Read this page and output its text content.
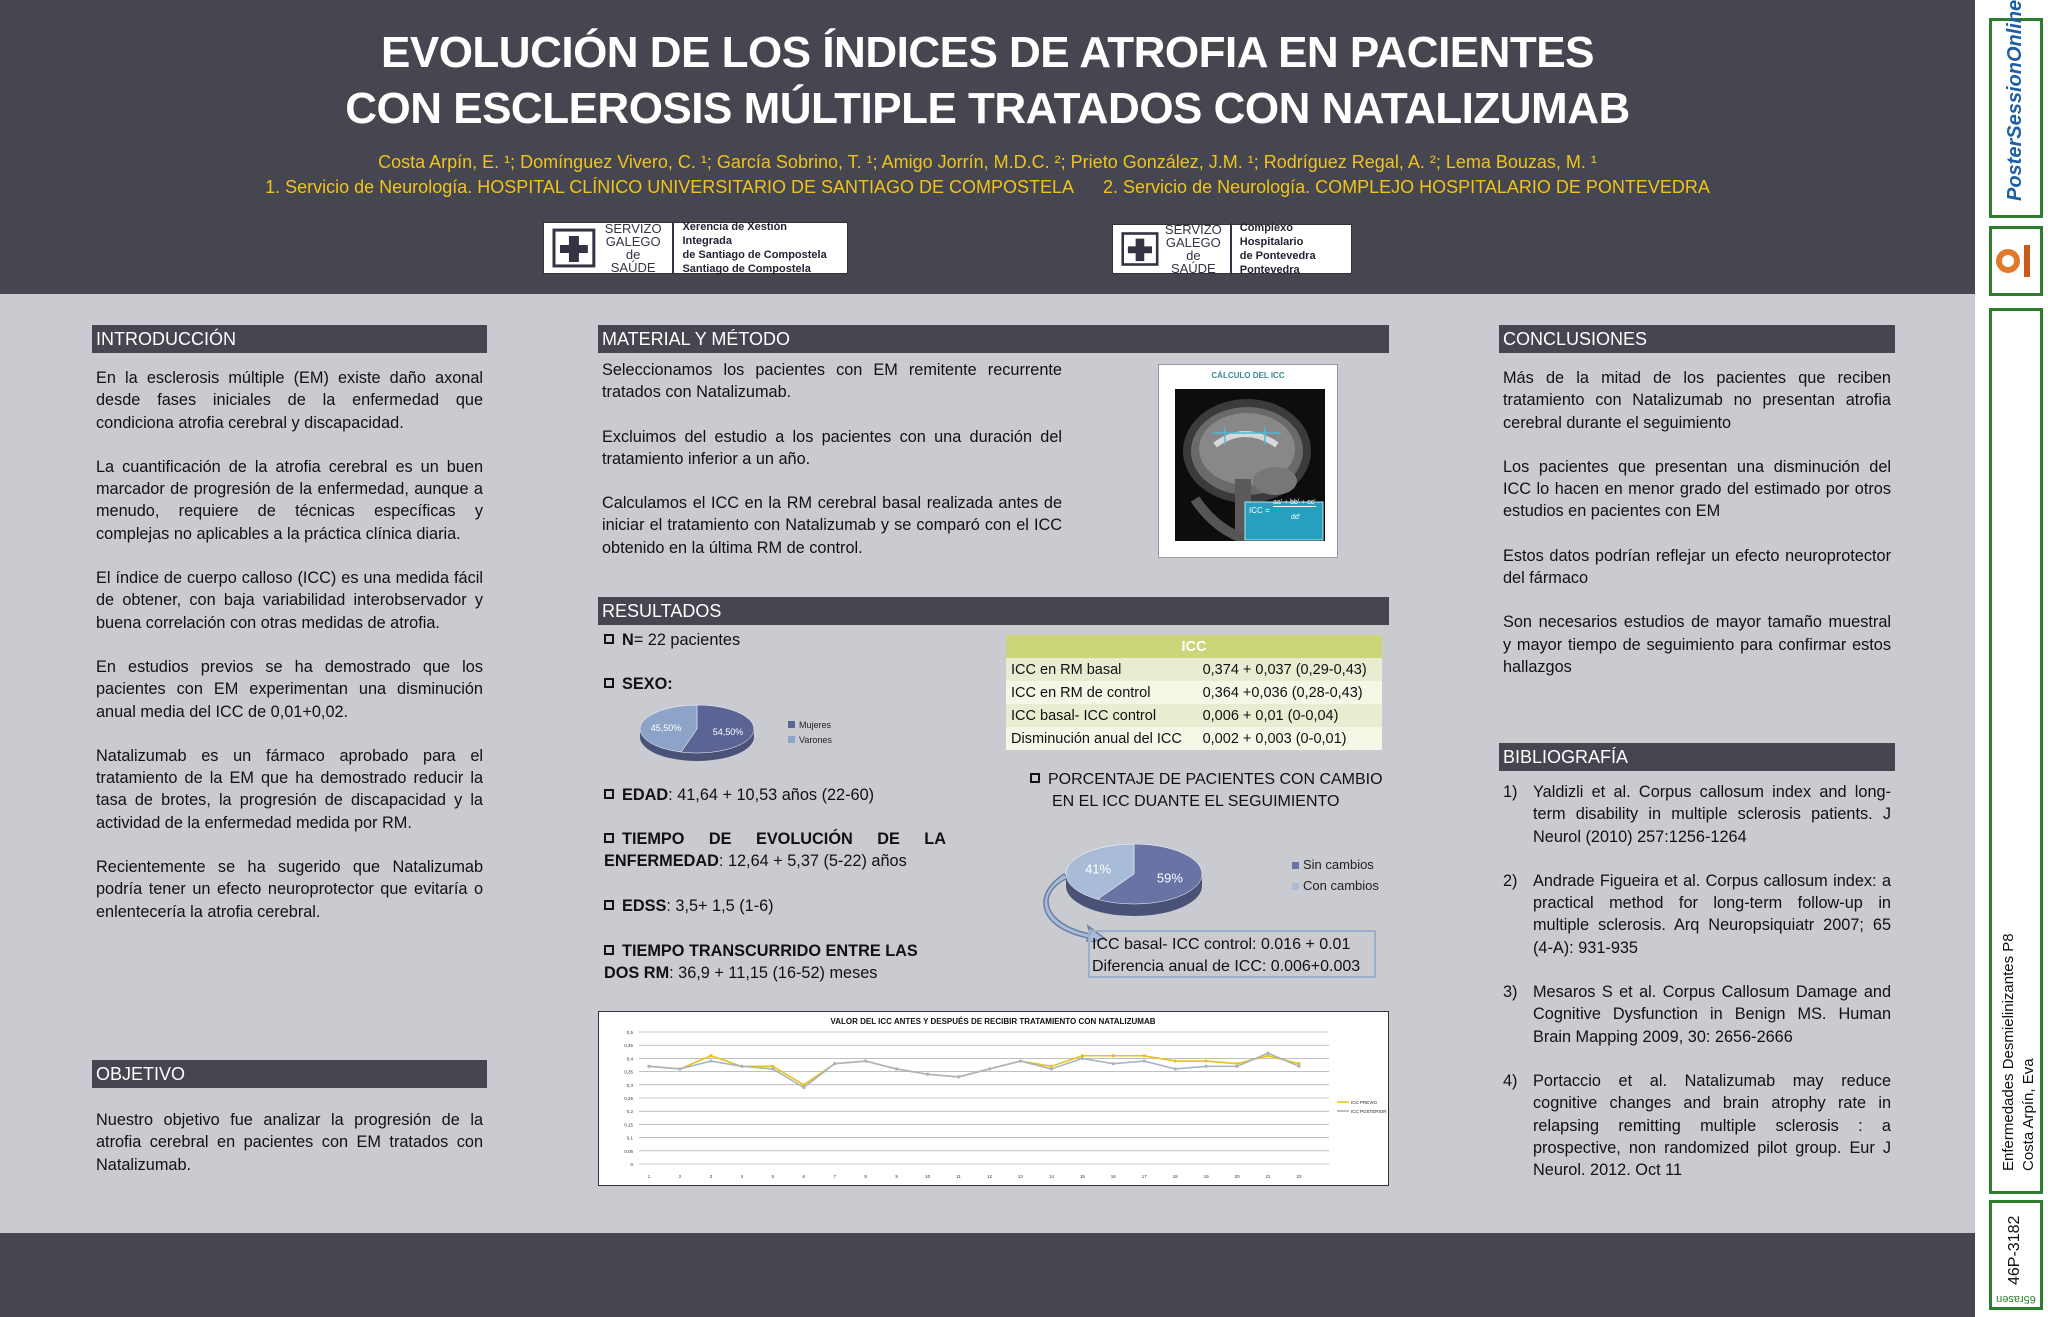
EVOLUCIÓN DE LOS ÍNDICES DE ATROFIA EN PACIENTES
CON ESCLEROSIS MÚLTIPLE TRATADOS CON NATALIZUMAB
Costa Arpín, E. ¹; Domínguez Vivero, C. ¹; García Sobrino, T. ¹; Amigo Jorrín, M.D.C. ²; Prieto González, J.M. ¹; Rodríguez Regal, A. ²; Lema Bouzas, M. ¹
1. Servicio de Neurología. HOSPITAL CLÍNICO UNIVERSITARIO DE SANTIAGO DE COMPOSTELA 2. Servicio de Neurología. COMPLEJO HOSPITALARIO DE PONTEVEDRA
SERVIZO
GALEGO
de SAÚDE
Xerencia de Xestión Integrada
de Santiago de Compostela
Santiago de Compostela
SERVIZO
GALEGO
de SAÚDE
Complexo Hospitalario
de Pontevedra
Pontevedra
INTRODUCCIÓN

En la esclerosis múltiple (EM) existe daño axonal desde fases iniciales de la enfermedad que condiciona atrofia cerebral y discapacidad.

La cuantificación de la atrofia cerebral es un buen marcador de progresión de la enfermedad, aunque a menudo, requiere de técnicas específicas y complejas no aplicables a la práctica clínica diaria.

El índice de cuerpo calloso (ICC) es una medida fácil de obtener, con baja variabilidad interobservador y buena correlación con otras medidas de atrofia.

En estudios previos se ha demostrado que los pacientes con EM experimentan una disminución anual media del ICC de 0,01+0,02.

Natalizumab es un fármaco aprobado para el tratamiento de la EM que ha demostrado reducir la tasa de brotes, la progresión de discapacidad y la actividad de la enfermedad medida por RM.

Recientemente se ha sugerido que Natalizumab podría tener un efecto neuroprotector que evitaría o enlentecería la atrofia cerebral.

OBJETIVO

Nuestro objetivo fue analizar la progresión de la atrofia cerebral en pacientes con EM tratados con Natalizumab.

MATERIAL Y MÉTODO

Seleccionamos los pacientes con EM remitente recurrente tratados con Natalizumab.

Excluimos del estudio a los pacientes con una duración del tratamiento inferior a un año.

Calculamos el ICC en la RM cerebral basal realizada antes de iniciar el tratamiento con Natalizumab y se comparó con el ICC obtenido en la última RM de control.

CÁLCULO DEL ICC
ICC =
aa' + bb' + cc'
dd'
RESULTADOS
N= 22 pacientes
SEXO:
54,50%
Mujeres
45,50%
Varones
EDAD: 41,64 + 10,53 años (22-60)
TIEMPO DE EVOLUCIÓN DE LA ENFERMEDAD: 12,64 + 5,37 (5-22) años
EDSS: 3,5+ 1,5 (1-6)
TIEMPO TRANSCURRIDO ENTRE LAS DOS RM: 36,9 + 11,15 (16-52) meses
ICC	
ICC en RM basal	0,374 + 0,037 (0,29-0,43)
ICC en RM de control	0,364 +0,036 (0,28-0,43)
ICC basal- ICC control	0,006 + 0,01 (0-0,04)
Disminución anual del ICC	0,002 + 0,003 (0-0,01)
PORCENTAJE DE PACIENTES CON CAMBIO EN EL ICC DUANTE EL SEGUIMIENTO
59%
Sin cambios
41%
Con cambios
ICC basal- ICC control: 0.016 + 0.01
Diferencia anual de ICC: 0.006+0.003
VALOR DEL ICC ANTES Y DESPUÉS DE RECIBIR TRATAMIENTO CON NATALIZUMAB
0
0,05
0,1
0,15
0,2
0,25
0,3
0,35
0,4
0,45
0,5
1	2	3	4	5	6	7	8	9	10	11	12	13	14	15	16	17	18	19	20	21	22
ICC PREVIO
ICC POSTERIOR
CONCLUSIONES

Más de la mitad de los pacientes que reciben tratamiento con Natalizumab no presentan atrofia cerebral durante el seguimiento

Los pacientes que presentan una disminución del ICC lo hacen en menor grado del estimado por otros estudios en pacientes con EM

Estos datos podrían reflejar un efecto neuroprotector del fármaco

Son necesarios estudios de mayor tamaño muestral y mayor tiempo de seguimiento para confirmar estos hallazgos

BIBLIOGRAFÍA
1) Yaldizli et al. Corpus callosum index and long-term disability in multiple sclerosis patients. J Neurol (2010) 257:1256-1264
2) Andrade Figueira et al. Corpus callosum index: a practical method for long-term follow-up in multiple sclerosis. Arq Neuropsiquiatr 2007; 65 (4-A): 931-935
3) Mesaros S et al. Corpus Callosum Damage and Cognitive Dysfunction in Benign MS. Human Brain Mapping 2009, 30: 2656-2666
4) Portaccio et al. Natalizumab may reduce cognitive changes and brain atrophy rate in relapsing remitting multiple sclerosis : a prospective, non randomized pilot group. Eur J Neurol. 2012. Oct 11
PosterSessionOnline
Enfermedades Desmielinizantes P8 Costa Arpín, Eva
46P-3182
65rasen
